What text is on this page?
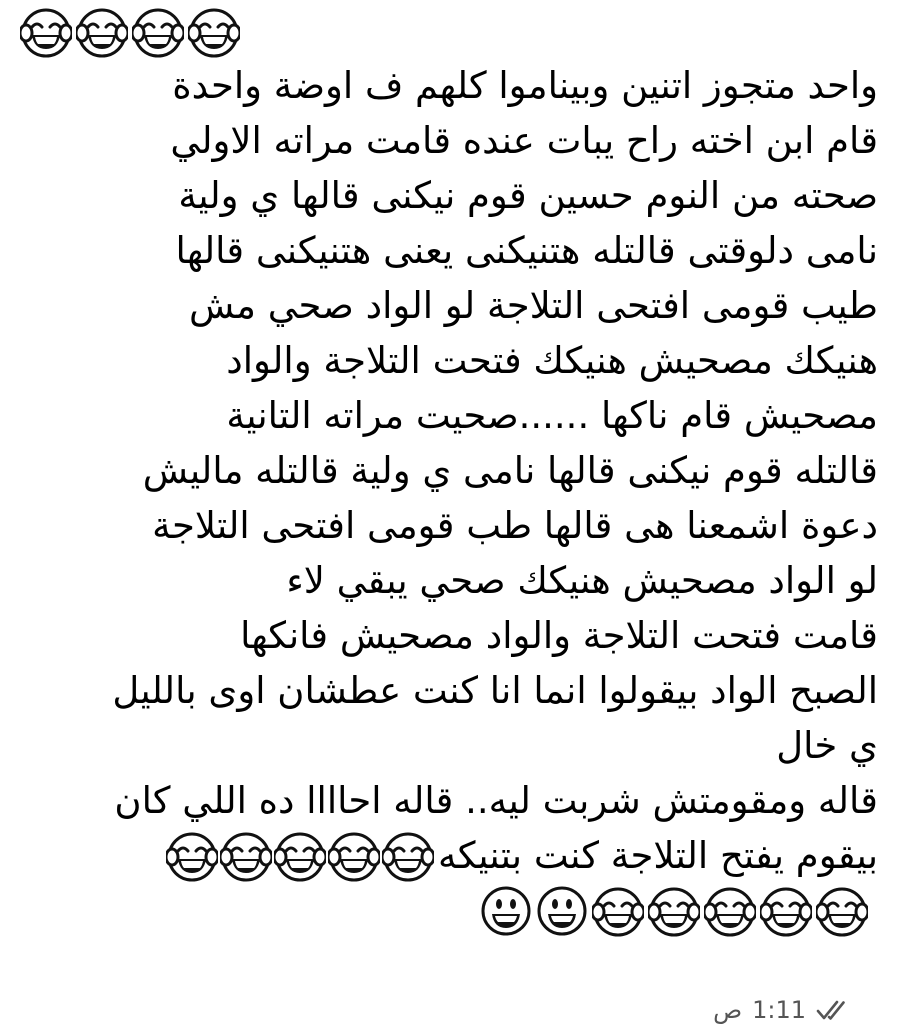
واحد متجوز اتنين وبيناموا كلهم ف اوضة واحدة
قام ابن اخته راح يبات عنده قامت مراته الاولي
صحته من النوم حسين قوم نيكنى قالها ي ولية
نامى دلوقتى قالتله هتنيكنى يعنى هتنيكنى قالها
طيب قومى افتحى التلاجة لو الواد صحي مش
هنيكك مصحيش هنيكك فتحت التلاجة والواد
مصحيش قام ناكها ......صحيت مراته التانية
قالتله قوم نيكنى قالها نامى ي ولية قالتله ماليش
دعوة اشمعنا هى قالها طب قومى افتحى التلاجة
لو الواد مصحيش هنيكك صحي يبقي لاء
قامت فتحت التلاجة والواد مصحيش فانكها
الصبح الواد بيقولوا انما انا كنت عطشان اوى بالليل
ي خال
قاله ومقومتش شربت ليه.. قاله احاااا ده اللي كان
بيقوم يفتح التلاجة كنت بتنيكه
ص 1:11
